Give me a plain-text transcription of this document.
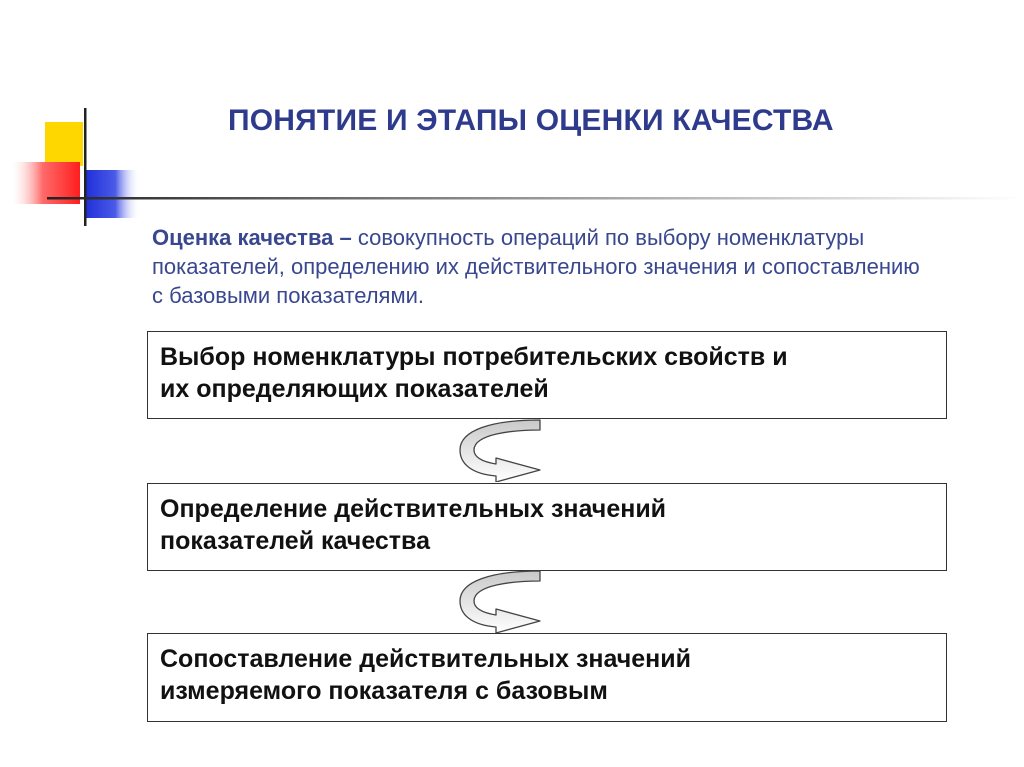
ПОНЯТИЕ И ЭТАПЫ ОЦЕНКИ КАЧЕСТВА
Оценка качества – совокупность операций по выбору номенклатуры показателей, определению их действительного значения и сопоставлению с базовыми показателями.
Выбор номенклатуры потребительских свойств и
их определяющих показателей
Определение действительных значений
показателей качества
Сопоставление действительных значений
измеряемого показателя с базовым
